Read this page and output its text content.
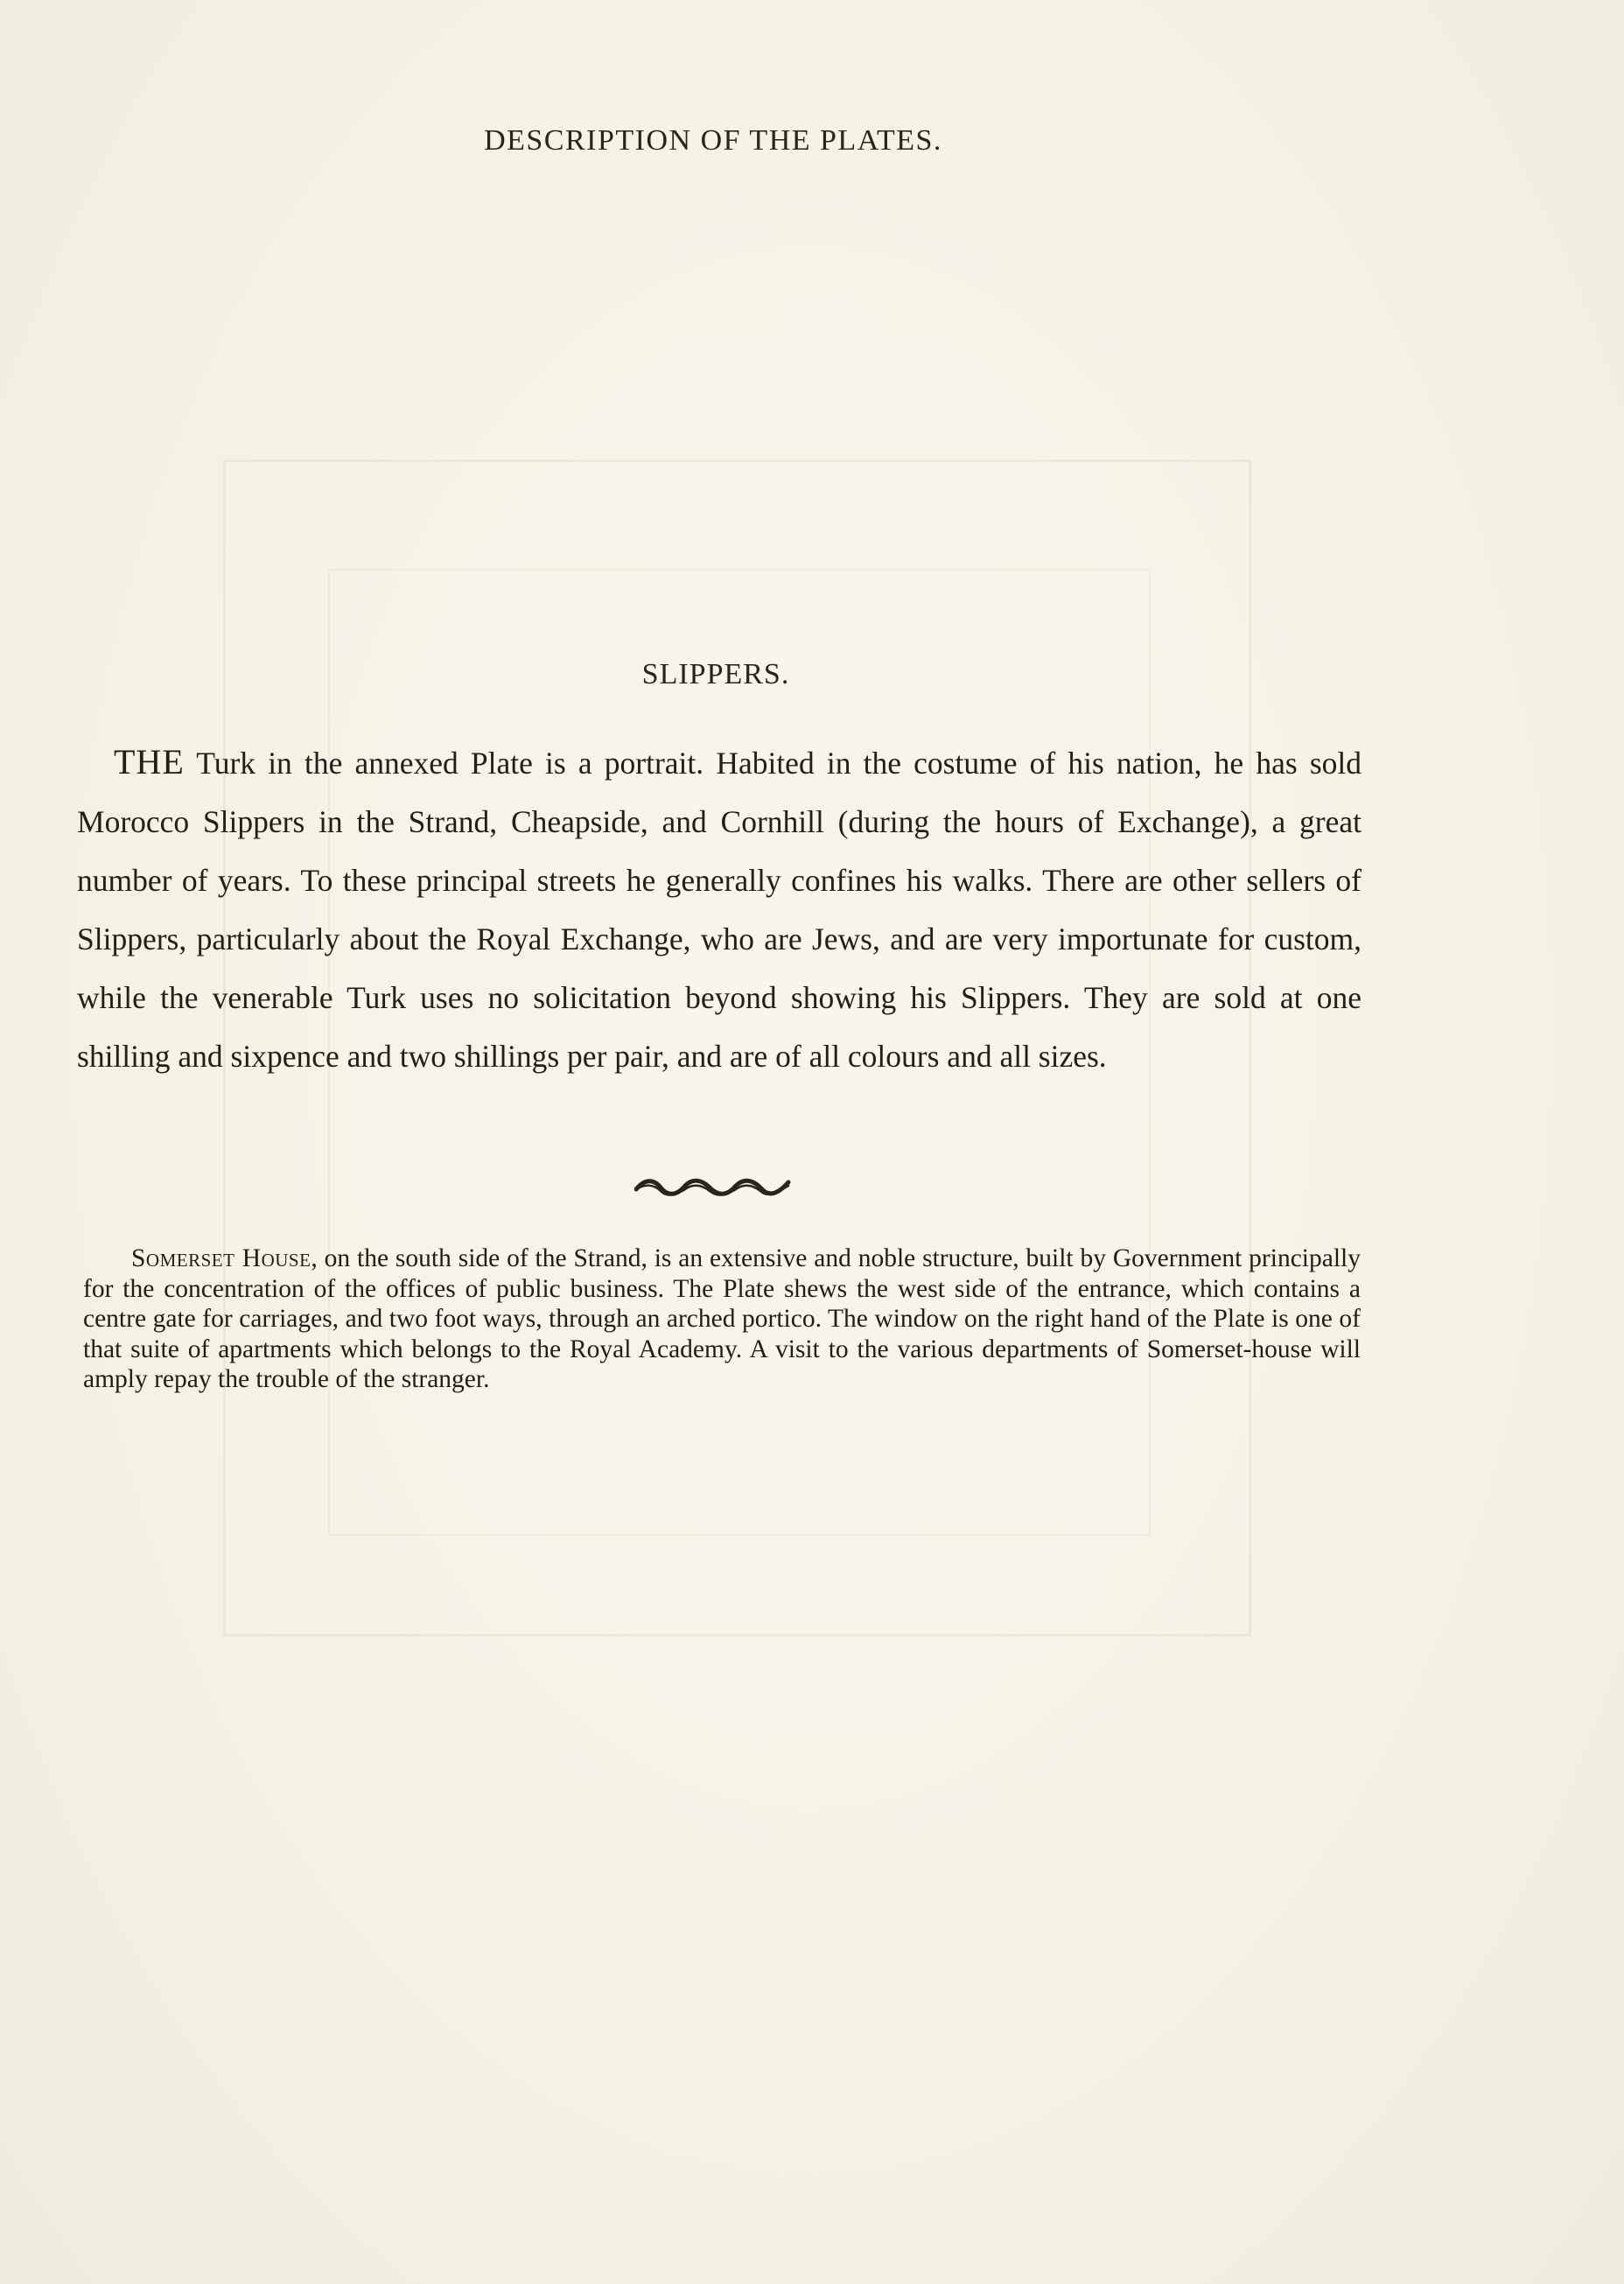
DESCRIPTION OF THE PLATES.
SLIPPERS.
THE Turk in the annexed Plate is a portrait. Habited in the costume of his nation, he has sold Morocco Slippers in the Strand, Cheapside, and Cornhill (during the hours of Exchange), a great number of years. To these principal streets he generally confines his walks. There are other sellers of Slippers, particularly about the Royal Exchange, who are Jews, and are very importunate for custom, while the venerable Turk uses no solicitation beyond showing his Slippers. They are sold at one shilling and sixpence and two shillings per pair, and are of all colours and all sizes.
Somerset House, on the south side of the Strand, is an extensive and noble structure, built by Government principally for the concentration of the offices of public business. The Plate shews the west side of the entrance, which contains a centre gate for carriages, and two foot ways, through an arched portico. The window on the right hand of the Plate is one of that suite of apartments which belongs to the Royal Academy. A visit to the various departments of Somerset-house will amply repay the trouble of the stranger.
